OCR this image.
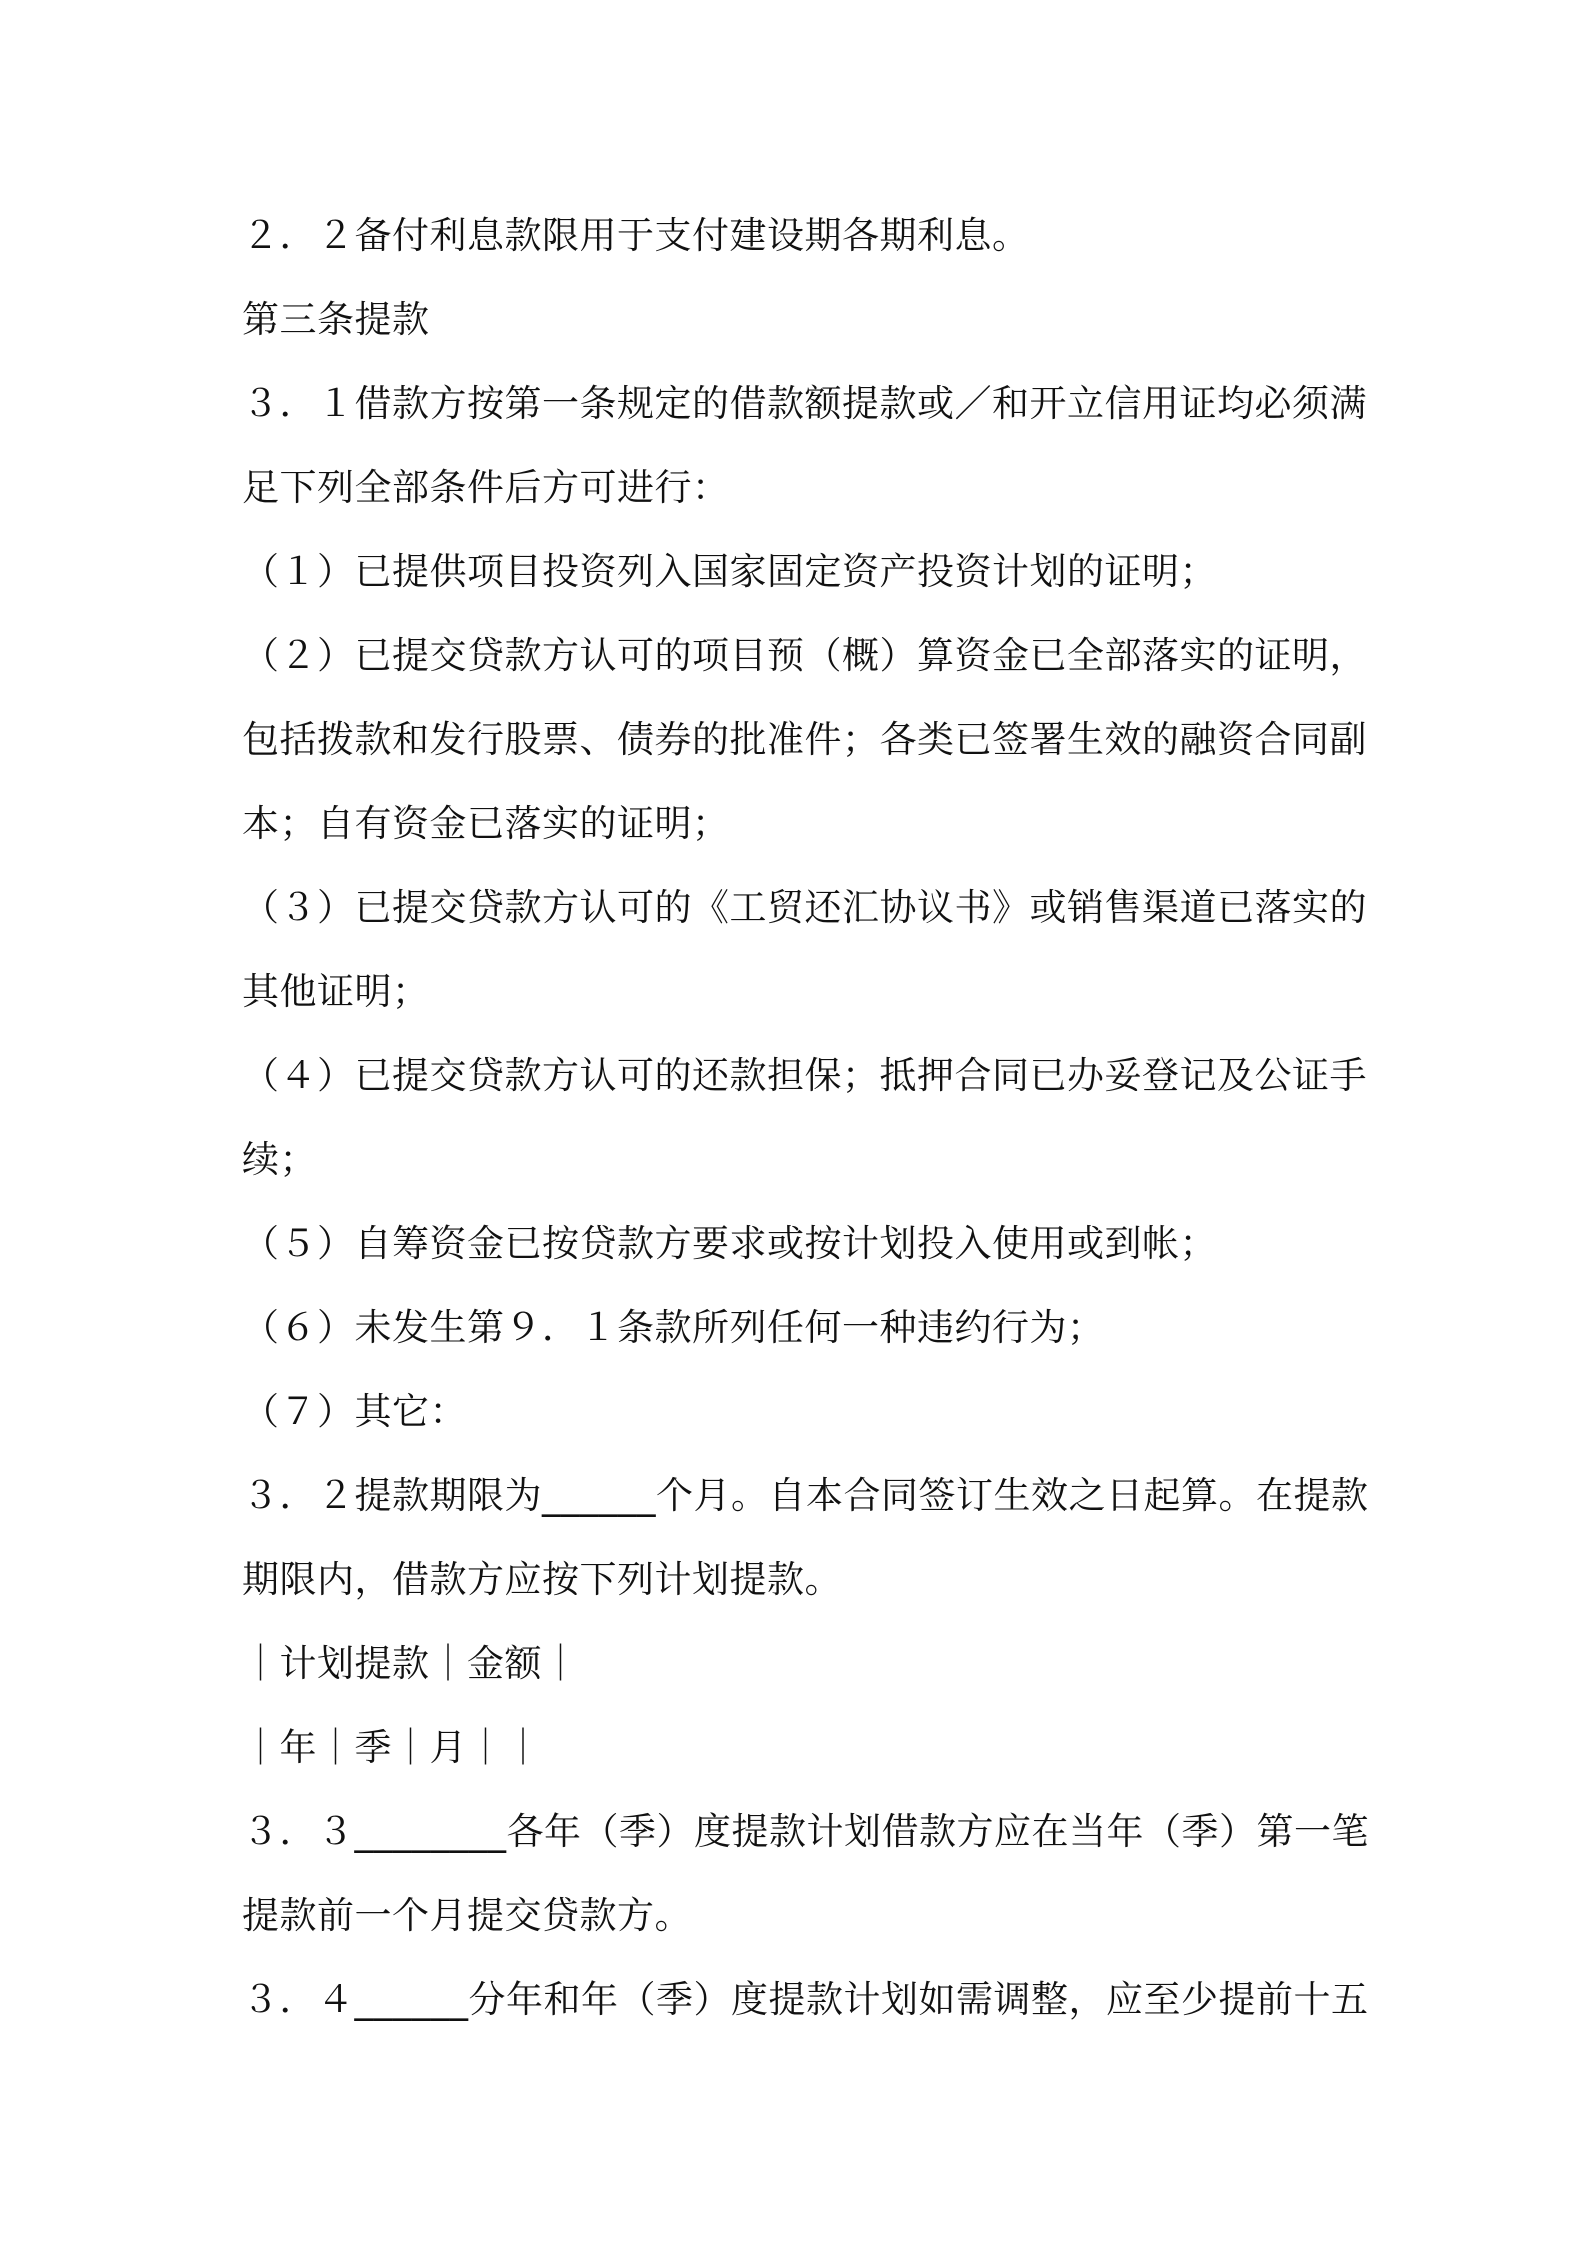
２．２备付利息款限用于支付建设期各期利息。
第三条提款
３．１借款方按第一条规定的借款额提款或／和开立信用证均必须满
足下列全部条件后方可进行：
（１）已提供项目投资列入国家固定资产投资计划的证明；
（２）已提交贷款方认可的项目预（概）算资金已全部落实的证明，
包括拨款和发行股票、债券的批准件；各类已签署生效的融资合同副
本；自有资金已落实的证明；
（３）已提交贷款方认可的《工贸还汇协议书》或销售渠道已落实的
其他证明；
（４）已提交贷款方认可的还款担保；抵押合同已办妥登记及公证手
续；
（５）自筹资金已按贷款方要求或按计划投入使用或到帐；
（６）未发生第９．１条款所列任何一种违约行为；
（７）其它：
３．２提款期限为______个月。自本合同签订生效之日起算。在提款
期限内，借款方应按下列计划提款。
｜计划提款｜金额｜
｜年｜季｜月｜｜
３．３________各年（季）度提款计划借款方应在当年（季）第一笔
提款前一个月提交贷款方。
３．４______分年和年（季）度提款计划如需调整，应至少提前十五
